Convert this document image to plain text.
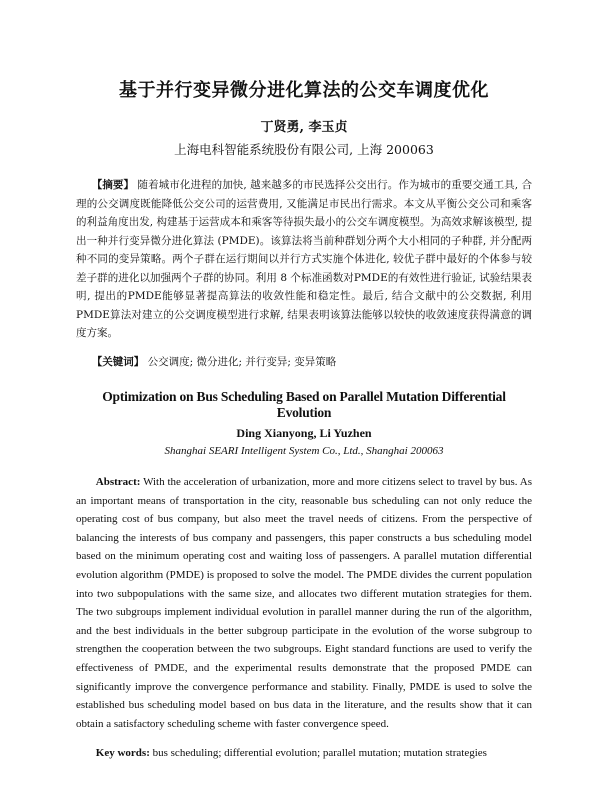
基于并行变异微分进化算法的公交车调度优化
丁贤勇, 李玉贞
上海电科智能系统股份有限公司, 上海 200063

【摘要】 随着城市化进程的加快, 越来越多的市民选择公交出行。作为城市的重要交通工具, 合理的公交调度既能降低公交公司的运营费用, 又能满足市民出行需求。本文从平衡公交公司和乘客的利益角度出发, 构建基于运营成本和乘客等待损失最小的公交车调度模型。为高效求解该模型, 提出一种并行变异微分进化算法 (PMDE)。该算法将当前种群划分两个大小相同的子种群, 并分配两种不同的变异策略。两个子群在运行期间以并行方式实施个体进化, 较优子群中最好的个体参与较差子群的进化以加强两个子群的协同。利用 8 个标准函数对PMDE的有效性进行验证, 试验结果表明, 提出的PMDE能够显著提高算法的收敛性能和稳定性。最后, 结合文献中的公交数据, 利用PMDE算法对建立的公交调度模型进行求解, 结果表明该算法能够以较快的收敛速度获得满意的调度方案。

【关键词】 公交调度; 微分进化; 并行变异; 变异策略

Optimization on Bus Scheduling Based on Parallel Mutation Differential Evolution
Ding Xianyong, Li Yuzhen
Shanghai SEARI Intelligent System Co., Ltd., Shanghai 200063

Abstract: With the acceleration of urbanization, more and more citizens select to travel by bus. As an important means of transportation in the city, reasonable bus scheduling can not only reduce the operating cost of bus company, but also meet the travel needs of citizens. From the perspective of balancing the interests of bus company and passengers, this paper constructs a bus scheduling model based on the minimum operating cost and waiting loss of passengers. A parallel mutation differential evolution algorithm (PMDE) is proposed to solve the model. The PMDE divides the current population into two subpopulations with the same size, and allocates two different mutation strategies for them. The two subgroups implement individual evolution in parallel manner during the run of the algorithm, and the best individuals in the better subgroup participate in the evolution of the worse subgroup to strengthen the cooperation between the two subgroups. Eight standard functions are used to verify the effectiveness of PMDE, and the experimental results demonstrate that the proposed PMDE can significantly improve the convergence performance and stability. Finally, PMDE is used to solve the established bus scheduling model based on bus data in the literature, and the results show that it can obtain a satisfactory scheduling scheme with faster convergence speed.

Key words: bus scheduling; differential evolution; parallel mutation; mutation strategies
